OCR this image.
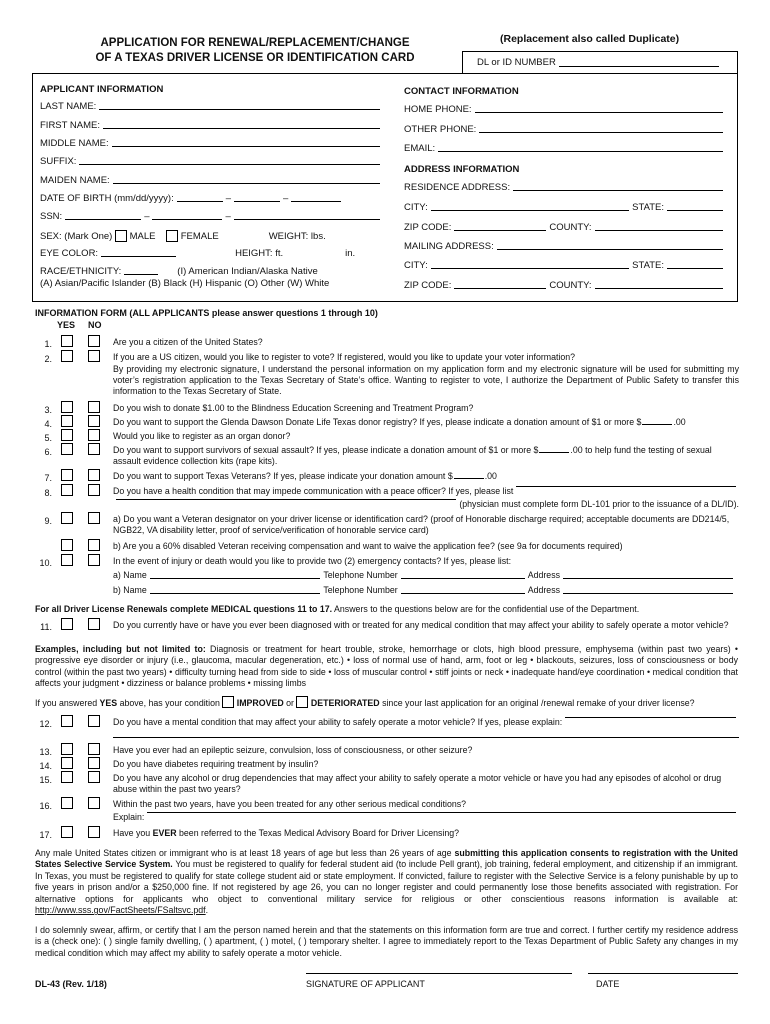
APPLICATION FOR RENEWAL/REPLACEMENT/CHANGE
OF A TEXAS DRIVER LICENSE OR IDENTIFICATION CARD
(Replacement also called Duplicate)
DL or ID NUMBER
APPLICANT INFORMATION
LAST NAME:
FIRST NAME:
MIDDLE NAME:
SUFFIX:
MAIDEN NAME:
DATE OF BIRTH (mm/dd/yyyy):	–	–
SSN:	–	–
SEX: (Mark One)

MALE

	FEMALE	WEIGHT: lbs.
EYE COLOR:	HEIGHT: ft.	in.
RACE/ETHNICITY:	(I) American Indian/Alaska Native
(A) Asian/Pacific Islander (B) Black (H) Hispanic (O) Other (W) White
CONTACT INFORMATION
HOME PHONE:
OTHER PHONE:
EMAIL:
ADDRESS INFORMATION
RESIDENCE ADDRESS:
CITY:	STATE:
ZIP CODE:	COUNTY:
MAILING ADDRESS:
CITY:	STATE:
ZIP CODE:	COUNTY:
INFORMATION FORM (ALL APPLICANTS please answer questions 1 through 10)
YES NO
1.	Are you a citizen of the United States?
2.	If you are a US citizen, would you like to register to vote? If registered, would you like to update your voter information?
By providing my electronic signature, I understand the personal information on my application form and my electronic signature will be used for submitting my voter’s registration application to the Texas Secretary of State’s office. Wanting to register to vote, I authorize the Department of Public Safety to transfer this information to the Texas Secretary of State.
3.	Do you wish to donate $1.00 to the Blindness Education Screening and Treatment Program?
4.	Do you want to support the Glenda Dawson Donate Life Texas donor registry? If yes, please indicate a donation amount of $1 or more $	.00
5.	Would you like to register as an organ donor?
6.	Do you want to support survivors of sexual assault? If yes, please indicate a donation amount of $1 or more $	.00 to help fund the testing of sexual assault evidence collection kits (rape kits).
7.	Do you want to support Texas Veterans? If yes, please indicate your donation amount $	.00
8.	Do you have a health condition that may impede communication with a peace officer? If yes, please list
(physician must complete form DL-101 prior to the issuance of a DL/ID).
9.	a) Do you want a Veteran designator on your driver license or identification card? (proof of Honorable discharge required; acceptable documents are DD214/5, NGB22, VA disability letter, proof of service/verification of honorable service card)
b) Are you a 60% disabled Veteran receiving compensation and want to waive the application fee? (see 9a for documents required)
10.	In the event of injury or death would you like to provide two (2) emergency contacts? If yes, please list:
a)
Name	Telephone Number	Address
b)
Name	Telephone Number	Address
For all Driver License Renewals complete MEDICAL questions 11 to 17. Answers to the questions below are for the confidential use of the Department.
11.	Do you currently have or have you ever been diagnosed with or treated for any medical condition that may affect your ability to safely operate a motor vehicle?
Examples, including but not limited to: Diagnosis or treatment for heart trouble, stroke, hemorrhage or clots, high blood pressure, emphysema (within past two years) • progressive eye disorder or injury (i.e., glaucoma, macular degeneration, etc.) • loss of normal use of hand, arm, foot or leg • blackouts, seizures, loss of consciousness or body control (within the past two years) • difficulty turning head from side to side • loss of muscular control • stiff joints or neck • inadequate hand/eye coordination • medical condition that affects your judgment • dizziness or balance problems • missing limbs
If you answered YES above, has your condition  IMPROVED or  DETERIORATED since your last application for an original /renewal remake of your driver license?
12.	Do you have a mental condition that may affect your ability to safely operate a motor vehicle? If yes, please explain:
13.	Have you ever had an epileptic seizure, convulsion, loss of consciousness, or other seizure?
14.	Do you have diabetes requiring treatment by insulin?
15.	Do you have any alcohol or drug dependencies that may affect your ability to safely operate a motor vehicle or have you had any episodes of alcohol or drug abuse within the past two years?
16.	Within the past two years, have you been treated for any other serious medical conditions?
Explain:
17.	Have you EVER been referred to the Texas Medical Advisory Board for Driver Licensing?
Any male United States citizen or immigrant who is at least 18 years of age but less than 26 years of age submitting this application consents to registration with the United States Selective Service System. You must be registered to qualify for federal student aid (to include Pell grant), job training, federal employment, and citizenship if an immigrant. In Texas, you must be registered to qualify for state college student aid or state employment. If convicted, failure to register with the Selective Service is a felony punishable by up to five years in prison and/or a $250,000 fine. If not registered by age 26, you can no longer register and could permanently lose those benefits associated with registration. For alternative options for applicants who object to conventional military service for religious or other conscientious reasons information is available at: http://www.sss.gov/FactSheets/FSaltsvc.pdf.
I do solemnly swear, affirm, or certify that I am the person named herein and that the statements on this information form are true and correct. I further certify my residence address is a (check one): ( ) single family dwelling, ( ) apartment, ( ) motel, ( ) temporary shelter. I agree to immediately report to the Texas Department of Public Safety any changes in my medical condition which may affect my ability to safely operate a motor vehicle.
DL-43 (Rev. 1/18)	SIGNATURE OF APPLICANT	DATE
